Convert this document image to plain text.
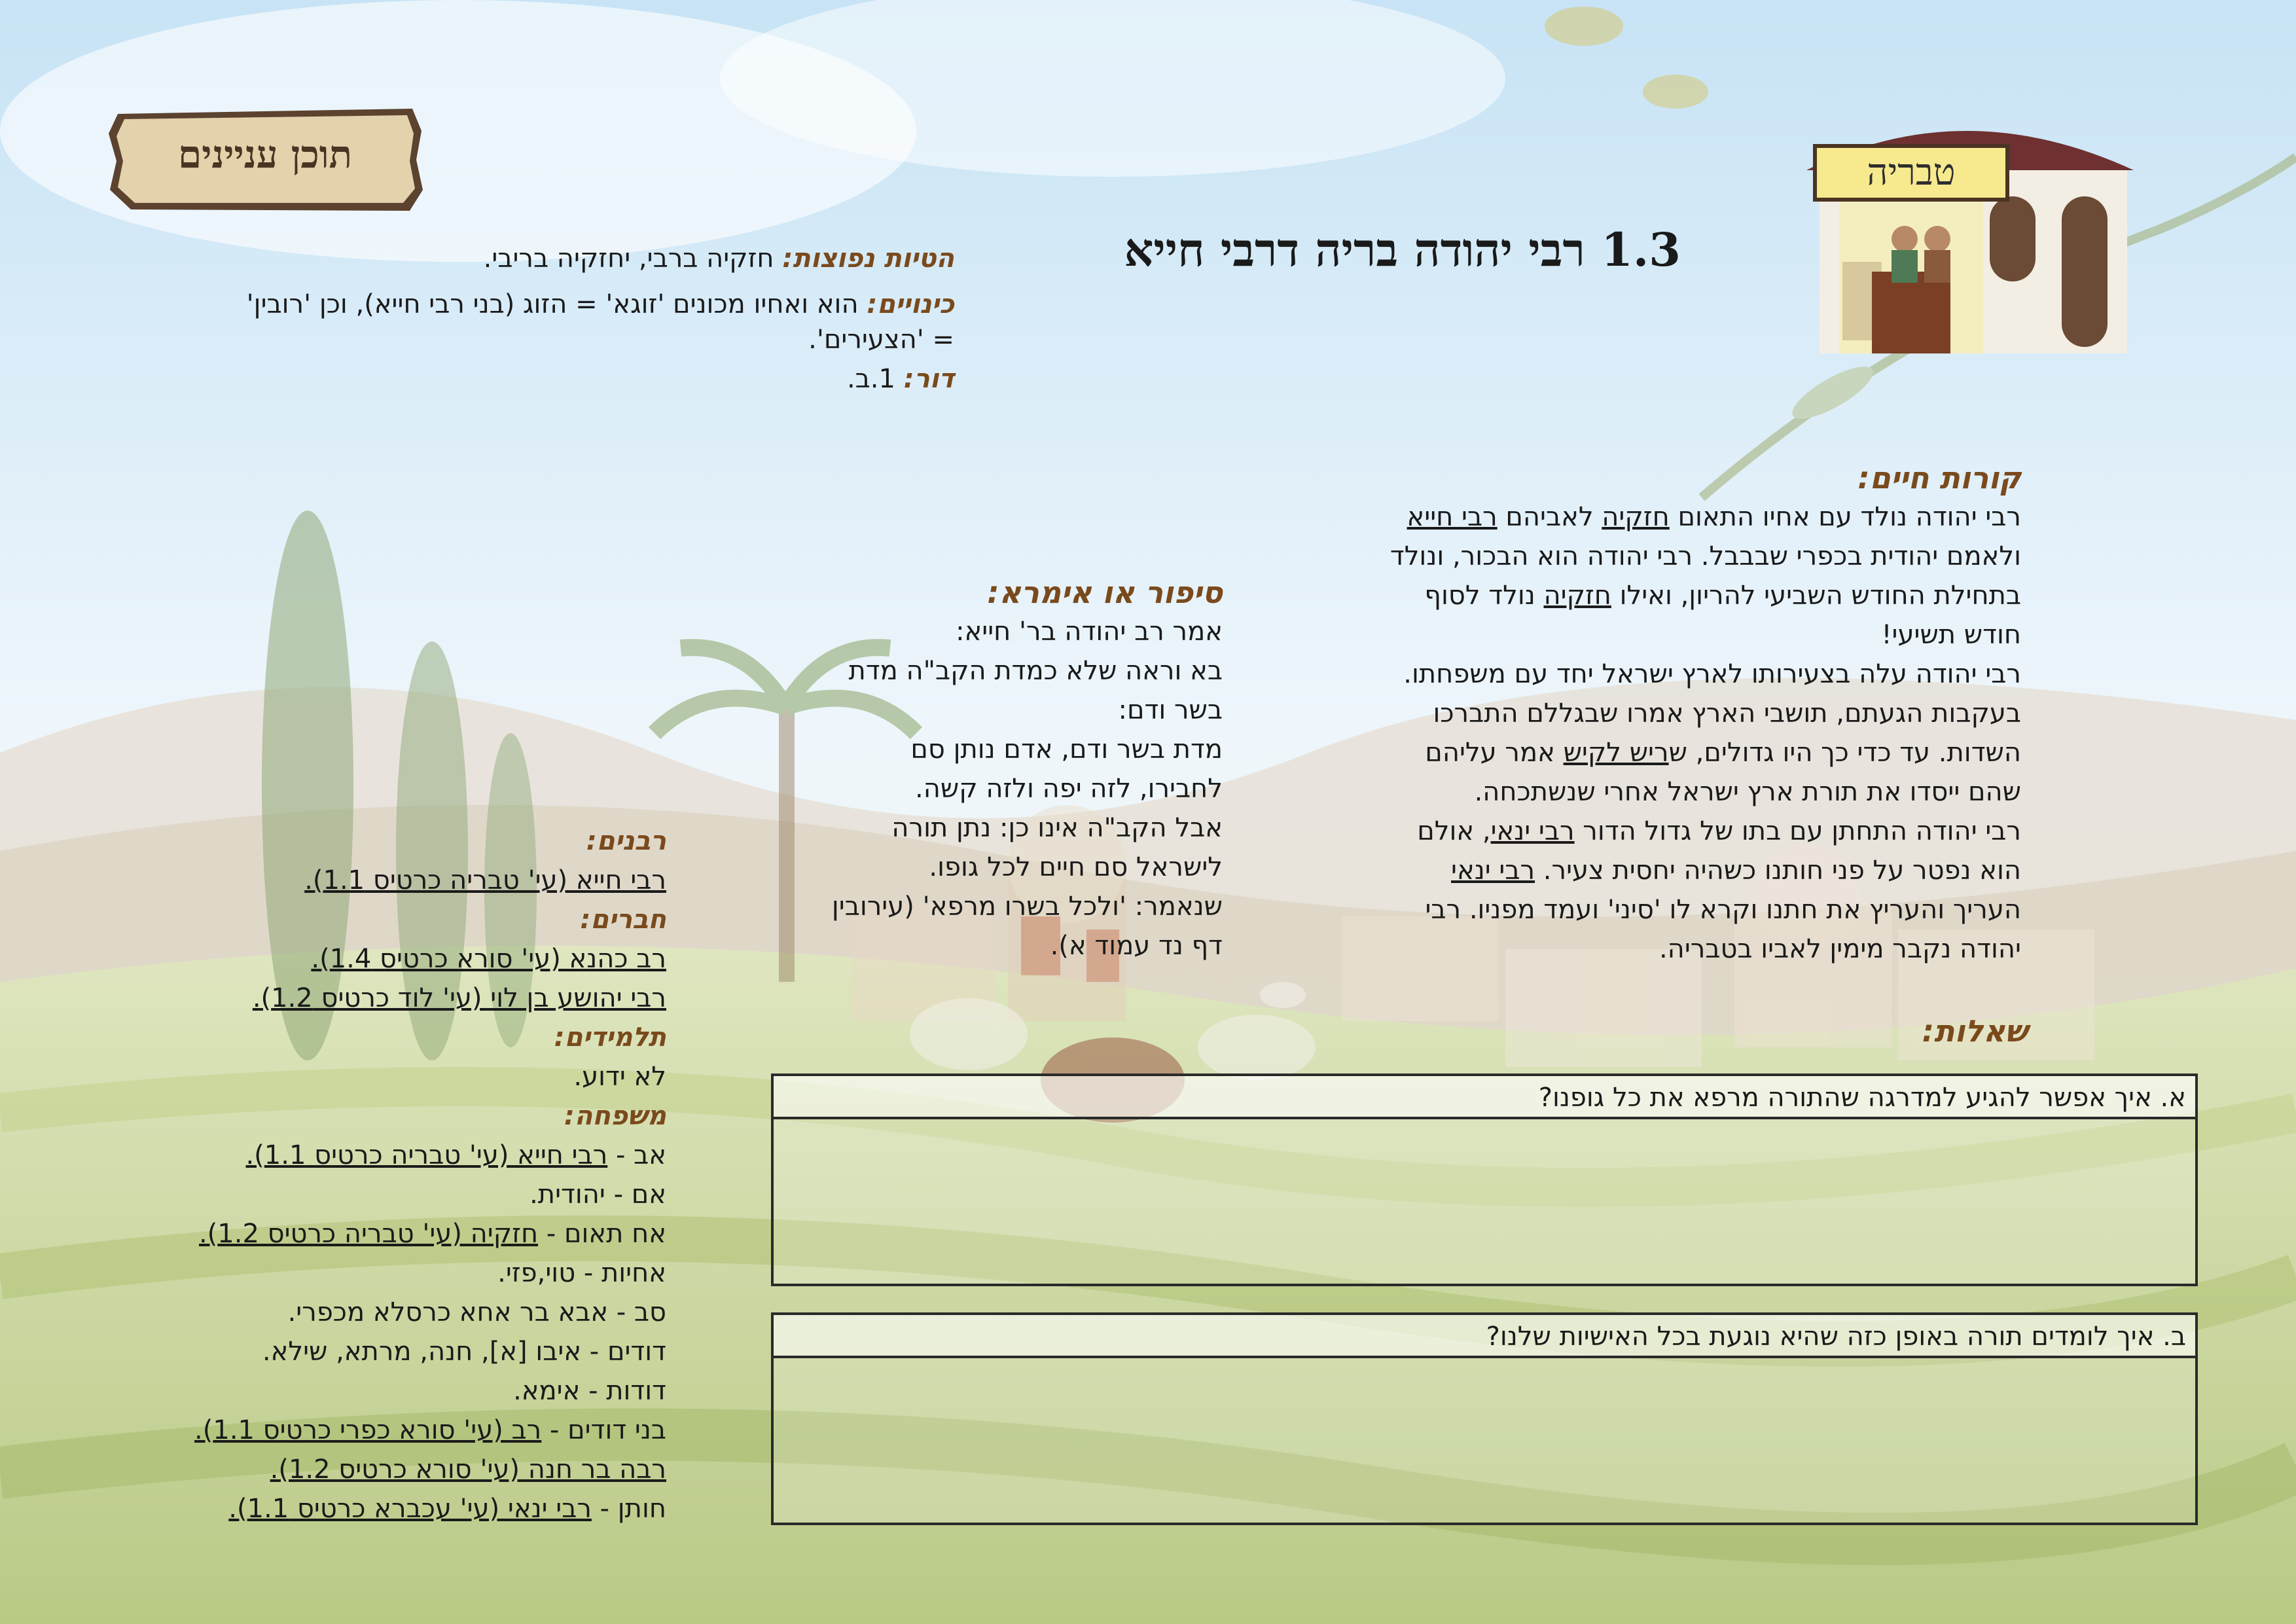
תוכן עניינים	טבריה
1.3 רבי יהודה בריה דרבי חייא
הטיות נפוצות: חזקיה ברבי, יחזקיה בריבי.
כינויים: הוא ואחיו מכונים 'זוגא' = הזוג (בני רבי חייא), וכן 'רובין'
= 'הצעירים'.
דור: 1.ב.
קורות חיים:
רבי יהודה נולד עם אחיו התאום חזקיה לאביהם רבי חייא
ולאמם יהודית בכפרי שבבבל. רבי יהודה הוא הבכור, ונולד
בתחילת החודש השביעי להריון, ואילו חזקיה נולד לסוף
חודש תשיעי!
רבי יהודה עלה בצעירותו לארץ ישראל יחד עם משפחתו.
בעקבות הגעתם, תושבי הארץ אמרו שבגללם התברכו
השדות. עד כדי כך היו גדולים, שריש לקיש אמר עליהם
שהם ייסדו את תורת ארץ ישראל אחרי שנשתכחה.
רבי יהודה התחתן עם בתו של גדול הדור רבי ינאי, אולם
הוא נפטר על פני חותנו כשהיה יחסית צעיר. רבי ינאי
העריך והעריץ את חתנו וקרא לו 'סיני' ועמד מפניו. רבי
יהודה נקבר מימין לאביו בטבריה.
סיפור או אימרא:
אמר רב יהודה בר' חייא:
בא וראה שלא כמדת הקב"ה מדת
בשר ודם:
מדת בשר ודם, אדם נותן סם
לחבירו, לזה יפה ולזה קשה.
אבל הקב"ה אינו כן: נתן תורה
לישראל סם חיים לכל גופו.
שנאמר: 'ולכל בשרו מרפא' (עירובין
דף נד עמוד א).
רבנים:
רבי חייא (עי' טבריה כרטיס 1.1).
חברים:
רב כהנא (עי' סורא כרטיס 1.4).
רבי יהושע בן לוי (עי' לוד כרטיס 1.2).
תלמידים:
לא ידוע.
משפחה:
אב - רבי חייא (עי' טבריה כרטיס 1.1).
אם - יהודית.
אח תאום - חזקיה (עי' טבריה כרטיס 1.2).
אחיות - טוי,פזי.
סב - אבא בר אחא כרסלא מכפרי.
דודים - איבו [א], חנה, מרתא, שילא.
דודות - אימא.
בני דודים - רב (עי' סורא כפרי כרטיס 1.1).
רבה בר חנה (עי' סורא כרטיס 1.2).
חותן - רבי ינאי (עי' עכברא כרטיס 1.1).
שאלות:
א. איך אפשר להגיע למדרגה שהתורה מרפא את כל גופנו?
ב. איך לומדים תורה באופן כזה שהיא נוגעת בכל האישיות שלנו?
